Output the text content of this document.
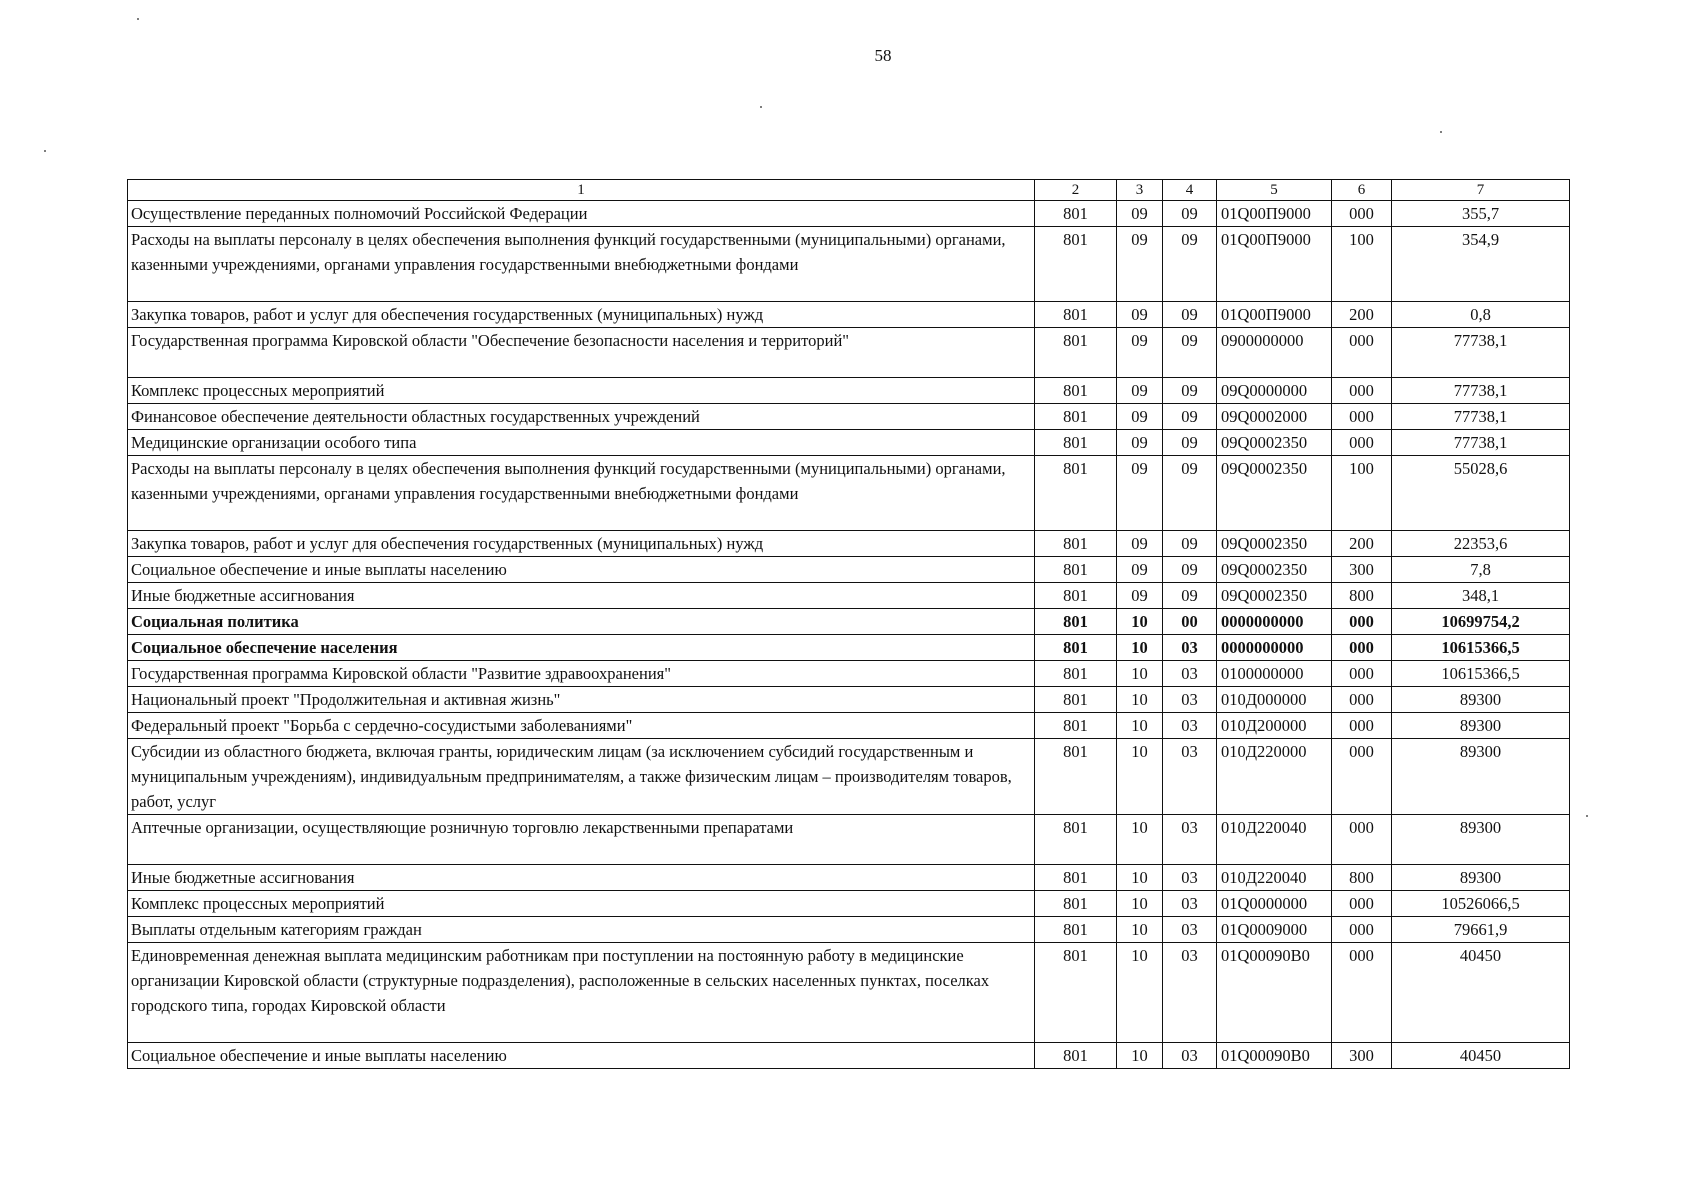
58
1	2	3	4	5	6	7
Осуществление переданных полномочий Российской Федерации	801	09	09	01Q00П9000	000	355,7
Расходы на выплаты персоналу в целях обеспечения выполнения функций государственными (муниципальными) органами, казенными учреждениями, органами управления государственными внебюджетными фондами	801	09	09	01Q00П9000	100	354,9
Закупка товаров, работ и услуг для обеспечения государственных (муниципальных) нужд	801	09	09	01Q00П9000	200	0,8
Государственная программа Кировской области "Обеспечение безопасности населения и территорий"	801	09	09	0900000000	000	77738,1
Комплекс процессных мероприятий	801	09	09	09Q0000000	000	77738,1
Финансовое обеспечение деятельности областных государственных учреждений	801	09	09	09Q0002000	000	77738,1
Медицинские организации особого типа	801	09	09	09Q0002350	000	77738,1
Расходы на выплаты персоналу в целях обеспечения выполнения функций государственными (муниципальными) органами, казенными учреждениями, органами управления государственными внебюджетными фондами	801	09	09	09Q0002350	100	55028,6
Закупка товаров, работ и услуг для обеспечения государственных (муниципальных) нужд	801	09	09	09Q0002350	200	22353,6
Социальное обеспечение и иные выплаты населению	801	09	09	09Q0002350	300	7,8
Иные бюджетные ассигнования	801	09	09	09Q0002350	800	348,1
Социальная политика	801	10	00	0000000000	000	10699754,2
Социальное обеспечение населения	801	10	03	0000000000	000	10615366,5
Государственная программа Кировской области "Развитие здравоохранения"	801	10	03	0100000000	000	10615366,5
Национальный проект "Продолжительная и активная жизнь"	801	10	03	010Д000000	000	89300
Федеральный проект "Борьба с сердечно-сосудистыми заболеваниями"	801	10	03	010Д200000	000	89300
Субсидии из областного бюджета, включая гранты, юридическим лицам (за исключением субсидий государственным и муниципальным учреждениям), индивидуальным предпринимателям, а также физическим лицам – производителям товаров, работ, услуг	801	10	03	010Д220000	000	89300
Аптечные организации, осуществляющие розничную торговлю лекарственными препаратами	801	10	03	010Д220040	000	89300
Иные бюджетные ассигнования	801	10	03	010Д220040	800	89300
Комплекс процессных мероприятий	801	10	03	01Q0000000	000	10526066,5
Выплаты отдельным категориям граждан	801	10	03	01Q0009000	000	79661,9
Единовременная денежная выплата медицинским работникам при поступлении на постоянную работу в медицинские организации Кировской области (структурные подразделения), расположенные в сельских населенных пунктах, поселках городского типа, городах Кировской области	801	10	03	01Q00090B0	000	40450
Социальное обеспечение и иные выплаты населению	801	10	03	01Q00090B0	300	40450
